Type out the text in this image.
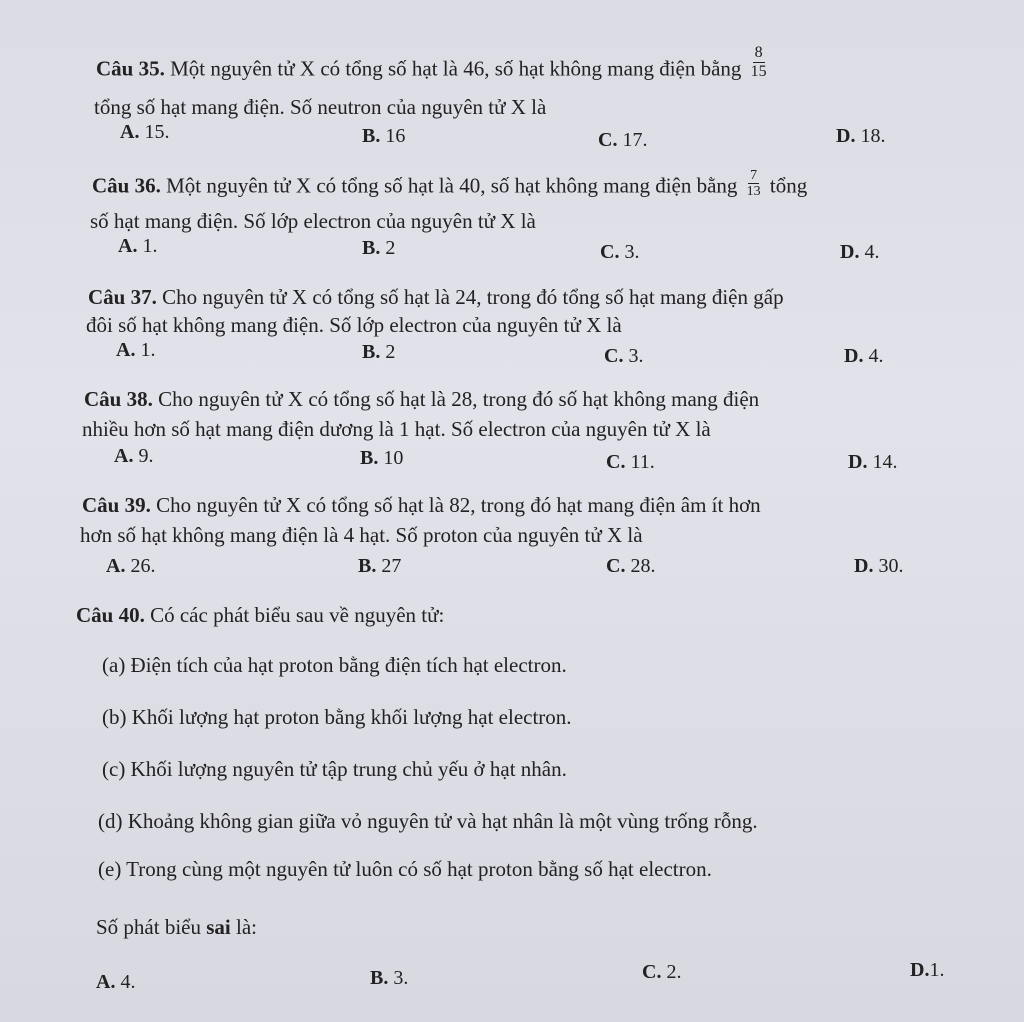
Câu 35. Một nguyên tử X có tổng số hạt là 46, số hạt không mang điện bằng $\frac{8}{15}$
tổng số hạt mang điện. Số neutron của nguyên tử X là
A. 15.	B. 16	C. 17.	D. 18.
Câu 36. Một nguyên tử X có tổng số hạt là 40, số hạt không mang điện bằng $\frac{7}{13}$ tổng
số hạt mang điện. Số lớp electron của nguyên tử X là
A. 1.	B. 2	C. 3.	D. 4.
Câu 37. Cho nguyên tử X có tổng số hạt là 24, trong đó tổng số hạt mang điện gấp
đôi số hạt không mang điện. Số lớp electron của nguyên tử X là
A. 1.	B. 2	C. 3.	D. 4.
Câu 38. Cho nguyên tử X có tổng số hạt là 28, trong đó số hạt không mang điện
nhiều hơn số hạt mang điện dương là 1 hạt. Số electron của nguyên tử X là
A. 9.	B. 10	C. 11.	D. 14.
Câu 39. Cho nguyên tử X có tổng số hạt là 82, trong đó hạt mang điện âm ít hơn
hơn số hạt không mang điện là 4 hạt. Số proton của nguyên tử X là
A. 26.	B. 27	C. 28.	D. 30.
Câu 40. Có các phát biểu sau về nguyên tử:
(a) Điện tích của hạt proton bằng điện tích hạt electron.
(b) Khối lượng hạt proton bằng khối lượng hạt electron.
(c) Khối lượng nguyên tử tập trung chủ yếu ở hạt nhân.
(d) Khoảng không gian giữa vỏ nguyên tử và hạt nhân là một vùng trống rỗng.
(e) Trong cùng một nguyên tử luôn có số hạt proton bằng số hạt electron.
Số phát biểu sai là:
A. 4.	B. 3.	C. 2.	D.1.
